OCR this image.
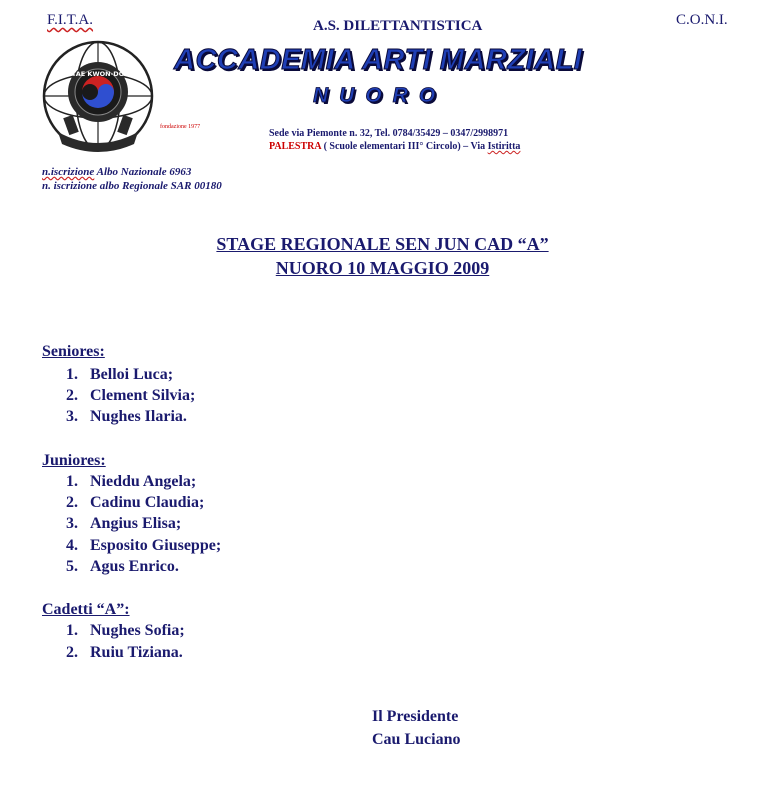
F.I.T.A.	A.S. DILETTANTISTICA	C.O.N.I.
TAE KWON-DO ACCADEMIA ARTI MARZIALI
NUORO
fondazione 1977
Sede via Piemonte n. 32, Tel. 0784/35429 – 0347/2998971
PALESTRA ( Scuole elementari III° Circolo) – Via Istiritta
n.iscrizione Albo Nazionale 6963
n. iscrizione albo Regionale SAR 00180
STAGE REGIONALE SEN JUN CAD “A”
NUORO 10 MAGGIO 2009
Seniores:
1. Belloi Luca;
2. Clement Silvia;
3. Nughes Ilaria.
Juniores:
1. Nieddu Angela;
2. Cadinu Claudia;
3. Angius Elisa;
4. Esposito Giuseppe;
5. Agus Enrico.
Cadetti “A”:
1. Nughes Sofia;
2. Ruiu Tiziana.
Il Presidente
Cau Luciano
